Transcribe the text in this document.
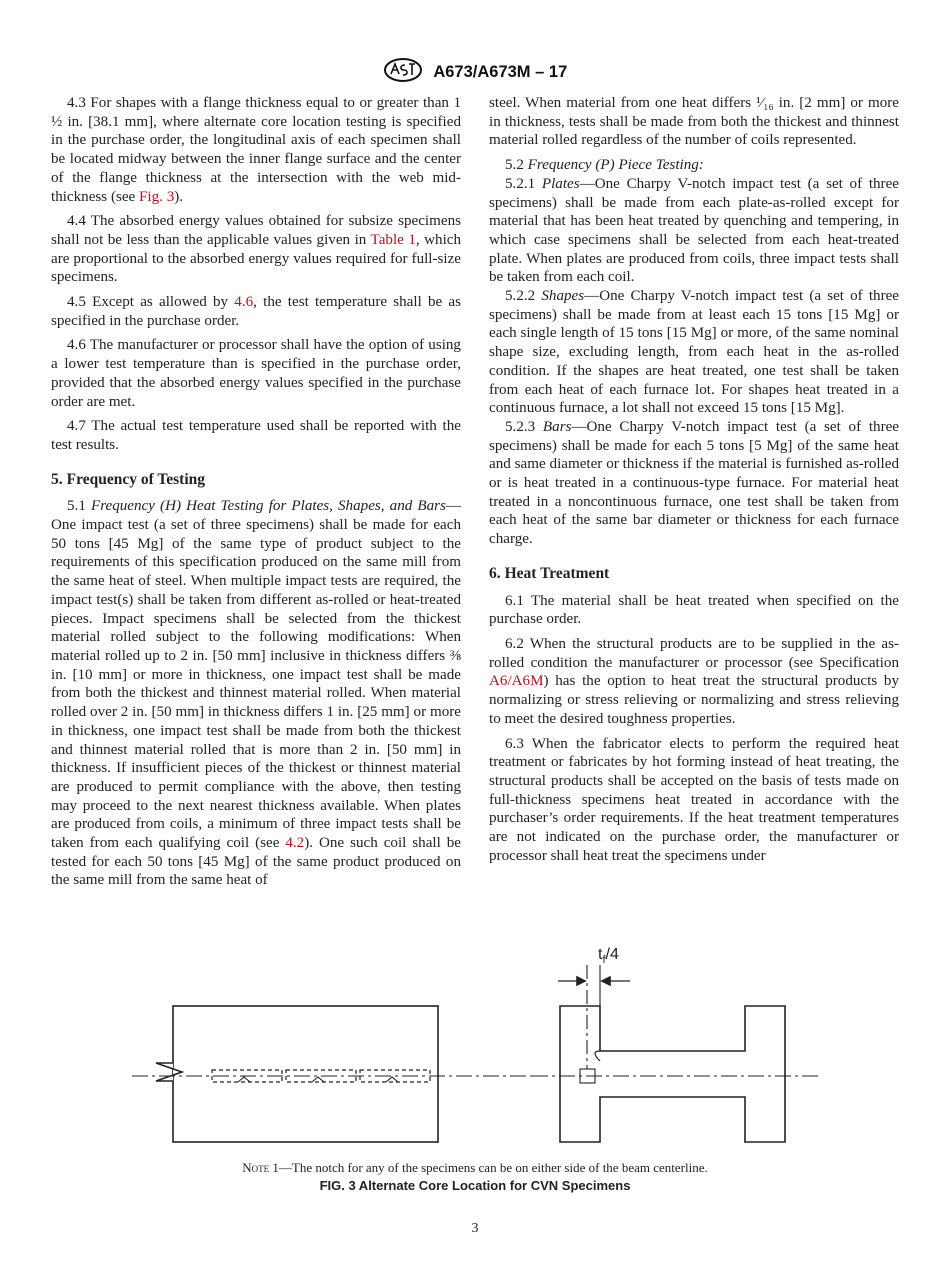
A673/A673M – 17

4.3 For shapes with a flange thickness equal to or greater than 1 ½ in. [38.1 mm], where alternate core location testing is specified in the purchase order, the longitudinal axis of each specimen shall be located midway between the inner flange surface and the center of the flange thickness at the intersection with the web mid-thickness (see Fig. 3).

4.4 The absorbed energy values obtained for subsize specimens shall not be less than the applicable values given in Table 1, which are proportional to the absorbed energy values required for full-size specimens.

4.5 Except as allowed by 4.6, the test temperature shall be as specified in the purchase order.

4.6 The manufacturer or processor shall have the option of using a lower test temperature than is specified in the purchase order, provided that the absorbed energy values specified in the purchase order are met.

4.7 The actual test temperature used shall be reported with the test results.

5. Frequency of Testing

5.1 Frequency (H) Heat Testing for Plates, Shapes, and Bars—One impact test (a set of three specimens) shall be made for each 50 tons [45 Mg] of the same type of product subject to the requirements of this specification produced on the same mill from the same heat of steel. When multiple impact tests are required, the impact test(s) shall be taken from different as-rolled or heat-treated pieces. Impact specimens shall be selected from the thickest material rolled subject to the following modifications: When material rolled up to 2 in. [50 mm] inclusive in thickness differs ⅜ in. [10 mm] or more in thickness, one impact test shall be made from both the thickest and thinnest material rolled. When material rolled over 2 in. [50 mm] in thickness differs 1 in. [25 mm] or more in thickness, one impact test shall be made from both the thickest and thinnest material rolled that is more than 2 in. [50 mm] in thickness. If insufficient pieces of the thickest or thinnest material are produced to permit compliance with the above, then testing may proceed to the next nearest thickness available. When plates are produced from coils, a minimum of three impact tests shall be taken from each qualifying coil (see 4.2). One such coil shall be tested for each 50 tons [45 Mg] of the same product produced on the same mill from the same heat of

steel. When material from one heat differs ¹⁄₁₆ in. [2 mm] or more in thickness, tests shall be made from both the thickest and thinnest material rolled regardless of the number of coils represented.

5.2 Frequency (P) Piece Testing:

5.2.1 Plates—One Charpy V-notch impact test (a set of three specimens) shall be made from each plate-as-rolled except for material that has been heat treated by quenching and tempering, in which case specimens shall be selected from each heat-treated plate. When plates are produced from coils, three impact tests shall be taken from each coil.

5.2.2 Shapes—One Charpy V-notch impact test (a set of three specimens) shall be made from at least each 15 tons [15 Mg] or each single length of 15 tons [15 Mg] or more, of the same nominal shape size, excluding length, from each heat in the as-rolled condition. If the shapes are heat treated, one test shall be taken from each heat of each furnace lot. For shapes heat treated in a continuous furnace, a lot shall not exceed 15 tons [15 Mg].

5.2.3 Bars—One Charpy V-notch impact test (a set of three specimens) shall be made for each 5 tons [5 Mg] of the same heat and same diameter or thickness if the material is furnished as-rolled or is heat treated in a continuous-type furnace. For material heat treated in a noncontinuous furnace, one test shall be taken from each heat of the same bar diameter or thickness for each furnace charge.

6. Heat Treatment

6.1 The material shall be heat treated when specified on the purchase order.

6.2 When the structural products are to be supplied in the as-rolled condition the manufacturer or processor (see Specification A6/A6M) has the option to heat treat the structural products by normalizing or stress relieving or normalizing and stress relieving to meet the desired toughness properties.

6.3 When the fabricator elects to perform the required heat treatment or fabricates by hot forming instead of heat treating, the structural products shall be accepted on the basis of tests made on full-thickness specimens heat treated in accordance with the purchaser’s order requirements. If the heat treatment temperatures are not indicated on the purchase order, the manufacturer or processor shall heat treat the specimens under

$t_f/4$
Note 1—The notch for any of the specimens can be on either side of the beam centerline.
FIG. 3 Alternate Core Location for CVN Specimens
3
